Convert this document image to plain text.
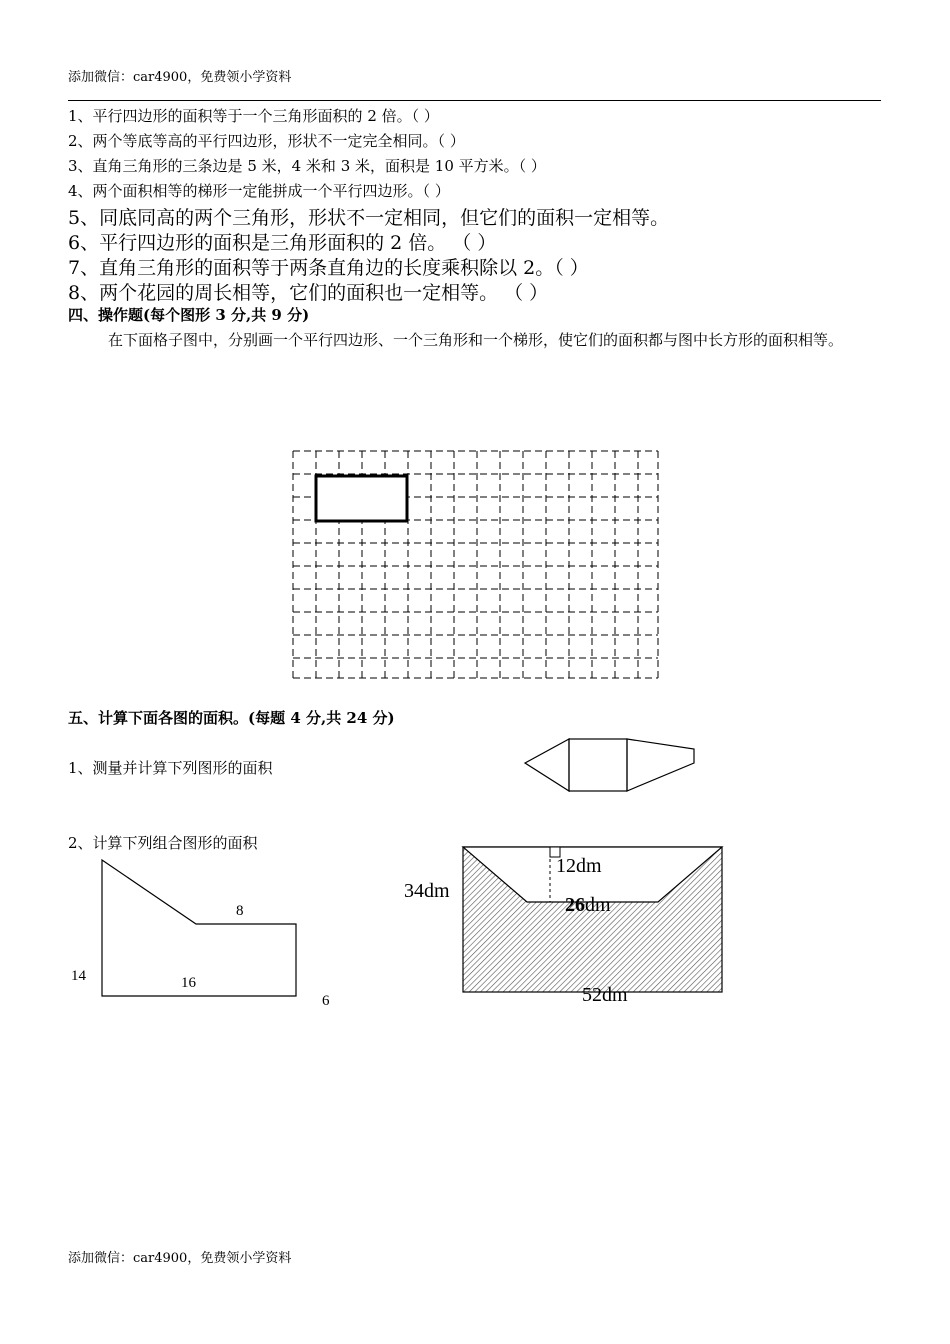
添加微信：car4900，免费领小学资料
1、平行四边形的面积等于一个三角形面积的 2 倍。（ ）
2、两个等底等高的平行四边形，形状不一定完全相同。（ ）
3、直角三角形的三条边是 5 米，4 米和 3 米，面积是 10 平方米。（ ）
4、两个面积相等的梯形一定能拼成一个平行四边形。（ ）
5、同底同高的两个三角形，形状不一定相同，但它们的面积一定相等。
6、平行四边形的面积是三角形面积的 2 倍。 （ ）
7、直角三角形的面积等于两条直角边的长度乘积除以 2。（ ）
8、两个花园的周长相等，它们的面积也一定相等。 （ ）
四、操作题(每个图形 3 分,共 9 分)
在下面格子图中，分别画一个平行四边形、一个三角形和一个梯形，使它们的面积都与图中长方形的面积相等。
五、计算下面各图的面积。(每题 4 分,共 24 分)
1、测量并计算下列图形的面积
2、计算下列组合图形的面积
8
14	16
6
34dm
12dm
26dm
52dm
添加微信：car4900，免费领小学资料
